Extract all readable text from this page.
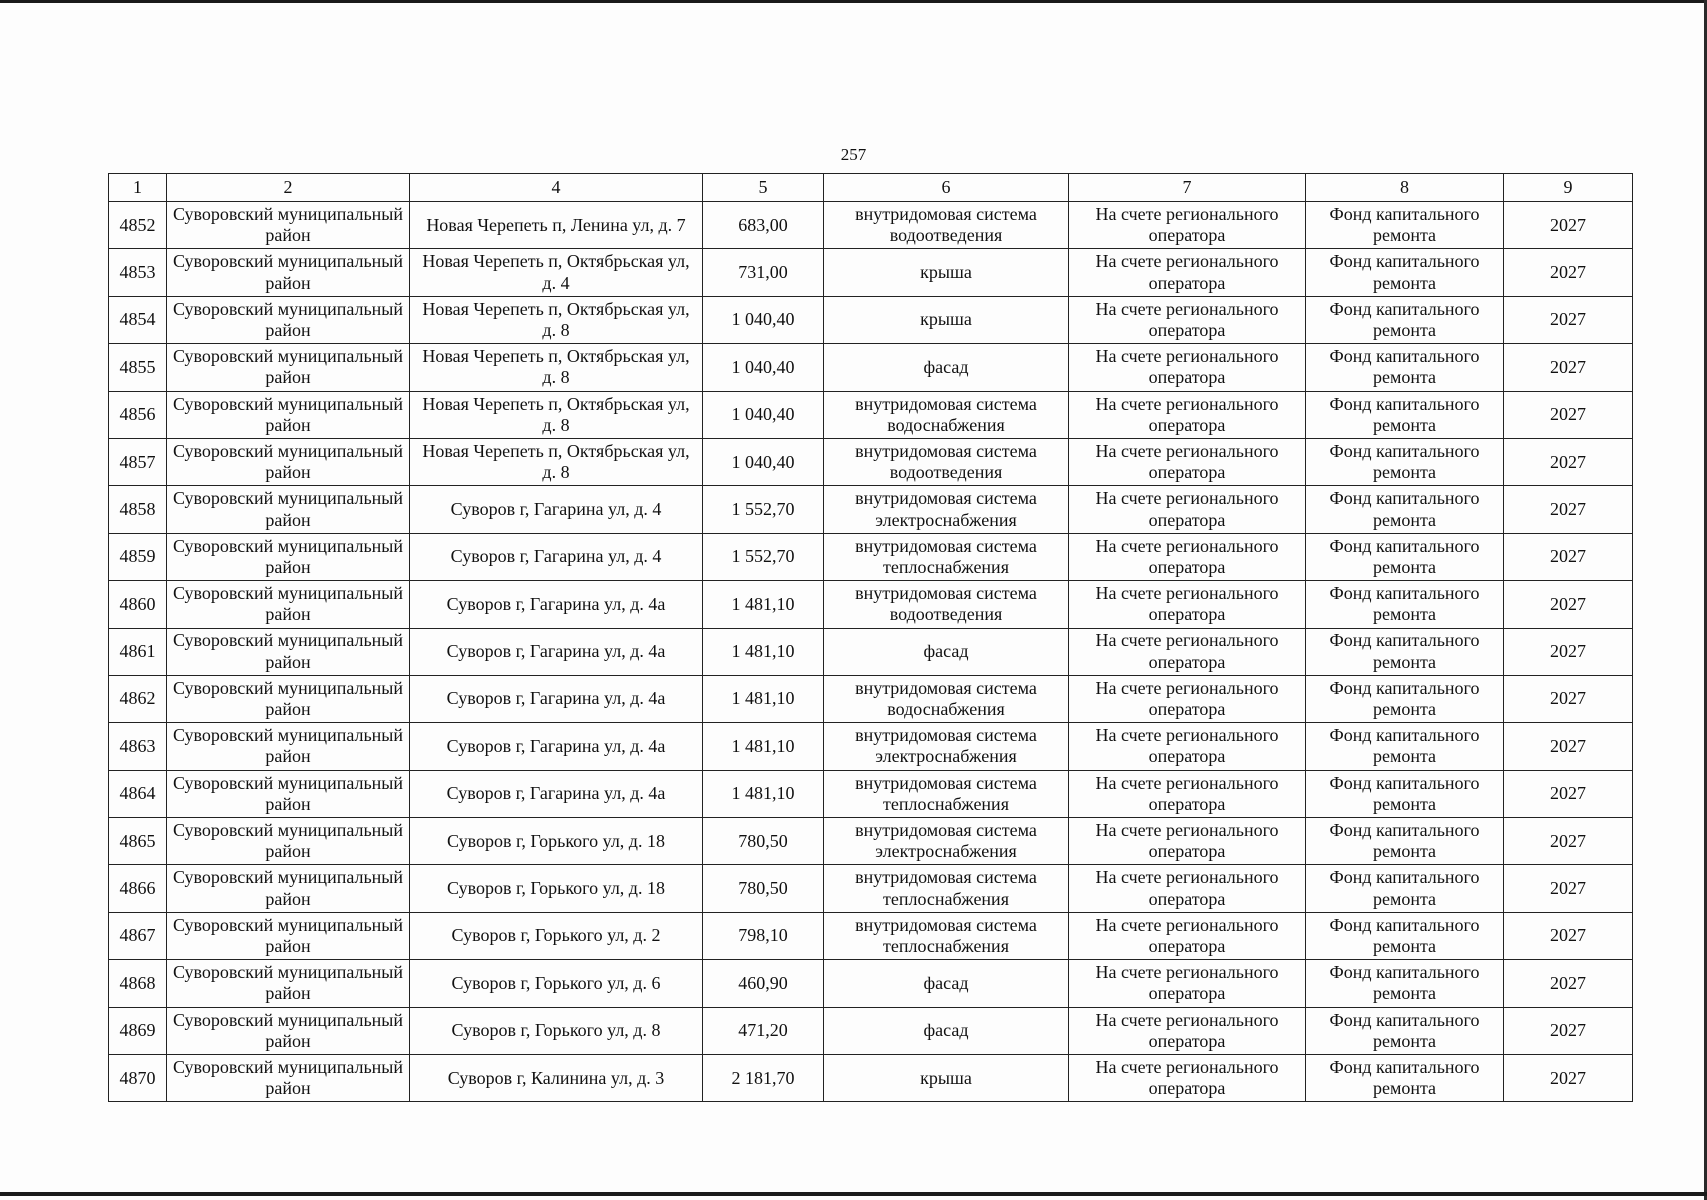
257
1	2	4	5	6	7	8	9
4852	Суворовский муниципальный район	Новая Черепеть п, Ленина ул, д. 7	683,00	внутридомовая система водоотведения	На счете регионального оператора	Фонд капитального ремонта	2027
4853	Суворовский муниципальный район	Новая Черепеть п, Октябрьская ул, д. 4	731,00	крыша	На счете регионального оператора	Фонд капитального ремонта	2027
4854	Суворовский муниципальный район	Новая Черепеть п, Октябрьская ул, д. 8	1 040,40	крыша	На счете регионального оператора	Фонд капитального ремонта	2027
4855	Суворовский муниципальный район	Новая Черепеть п, Октябрьская ул, д. 8	1 040,40	фасад	На счете регионального оператора	Фонд капитального ремонта	2027
4856	Суворовский муниципальный район	Новая Черепеть п, Октябрьская ул, д. 8	1 040,40	внутридомовая система водоснабжения	На счете регионального оператора	Фонд капитального ремонта	2027
4857	Суворовский муниципальный район	Новая Черепеть п, Октябрьская ул, д. 8	1 040,40	внутридомовая система водоотведения	На счете регионального оператора	Фонд капитального ремонта	2027
4858	Суворовский муниципальный район	Суворов г, Гагарина ул, д. 4	1 552,70	внутридомовая система электроснабжения	На счете регионального оператора	Фонд капитального ремонта	2027
4859	Суворовский муниципальный район	Суворов г, Гагарина ул, д. 4	1 552,70	внутридомовая система теплоснабжения	На счете регионального оператора	Фонд капитального ремонта	2027
4860	Суворовский муниципальный район	Суворов г, Гагарина ул, д. 4а	1 481,10	внутридомовая система водоотведения	На счете регионального оператора	Фонд капитального ремонта	2027
4861	Суворовский муниципальный район	Суворов г, Гагарина ул, д. 4а	1 481,10	фасад	На счете регионального оператора	Фонд капитального ремонта	2027
4862	Суворовский муниципальный район	Суворов г, Гагарина ул, д. 4а	1 481,10	внутридомовая система водоснабжения	На счете регионального оператора	Фонд капитального ремонта	2027
4863	Суворовский муниципальный район	Суворов г, Гагарина ул, д. 4а	1 481,10	внутридомовая система электроснабжения	На счете регионального оператора	Фонд капитального ремонта	2027
4864	Суворовский муниципальный район	Суворов г, Гагарина ул, д. 4а	1 481,10	внутридомовая система теплоснабжения	На счете регионального оператора	Фонд капитального ремонта	2027
4865	Суворовский муниципальный район	Суворов г, Горького ул, д. 18	780,50	внутридомовая система электроснабжения	На счете регионального оператора	Фонд капитального ремонта	2027
4866	Суворовский муниципальный район	Суворов г, Горького ул, д. 18	780,50	внутридомовая система теплоснабжения	На счете регионального оператора	Фонд капитального ремонта	2027
4867	Суворовский муниципальный район	Суворов г, Горького ул, д. 2	798,10	внутридомовая система теплоснабжения	На счете регионального оператора	Фонд капитального ремонта	2027
4868	Суворовский муниципальный район	Суворов г, Горького ул, д. 6	460,90	фасад	На счете регионального оператора	Фонд капитального ремонта	2027
4869	Суворовский муниципальный район	Суворов г, Горького ул, д. 8	471,20	фасад	На счете регионального оператора	Фонд капитального ремонта	2027
4870	Суворовский муниципальный район	Суворов г, Калинина ул, д. 3	2 181,70	крыша	На счете регионального оператора	Фонд капитального ремонта	2027
